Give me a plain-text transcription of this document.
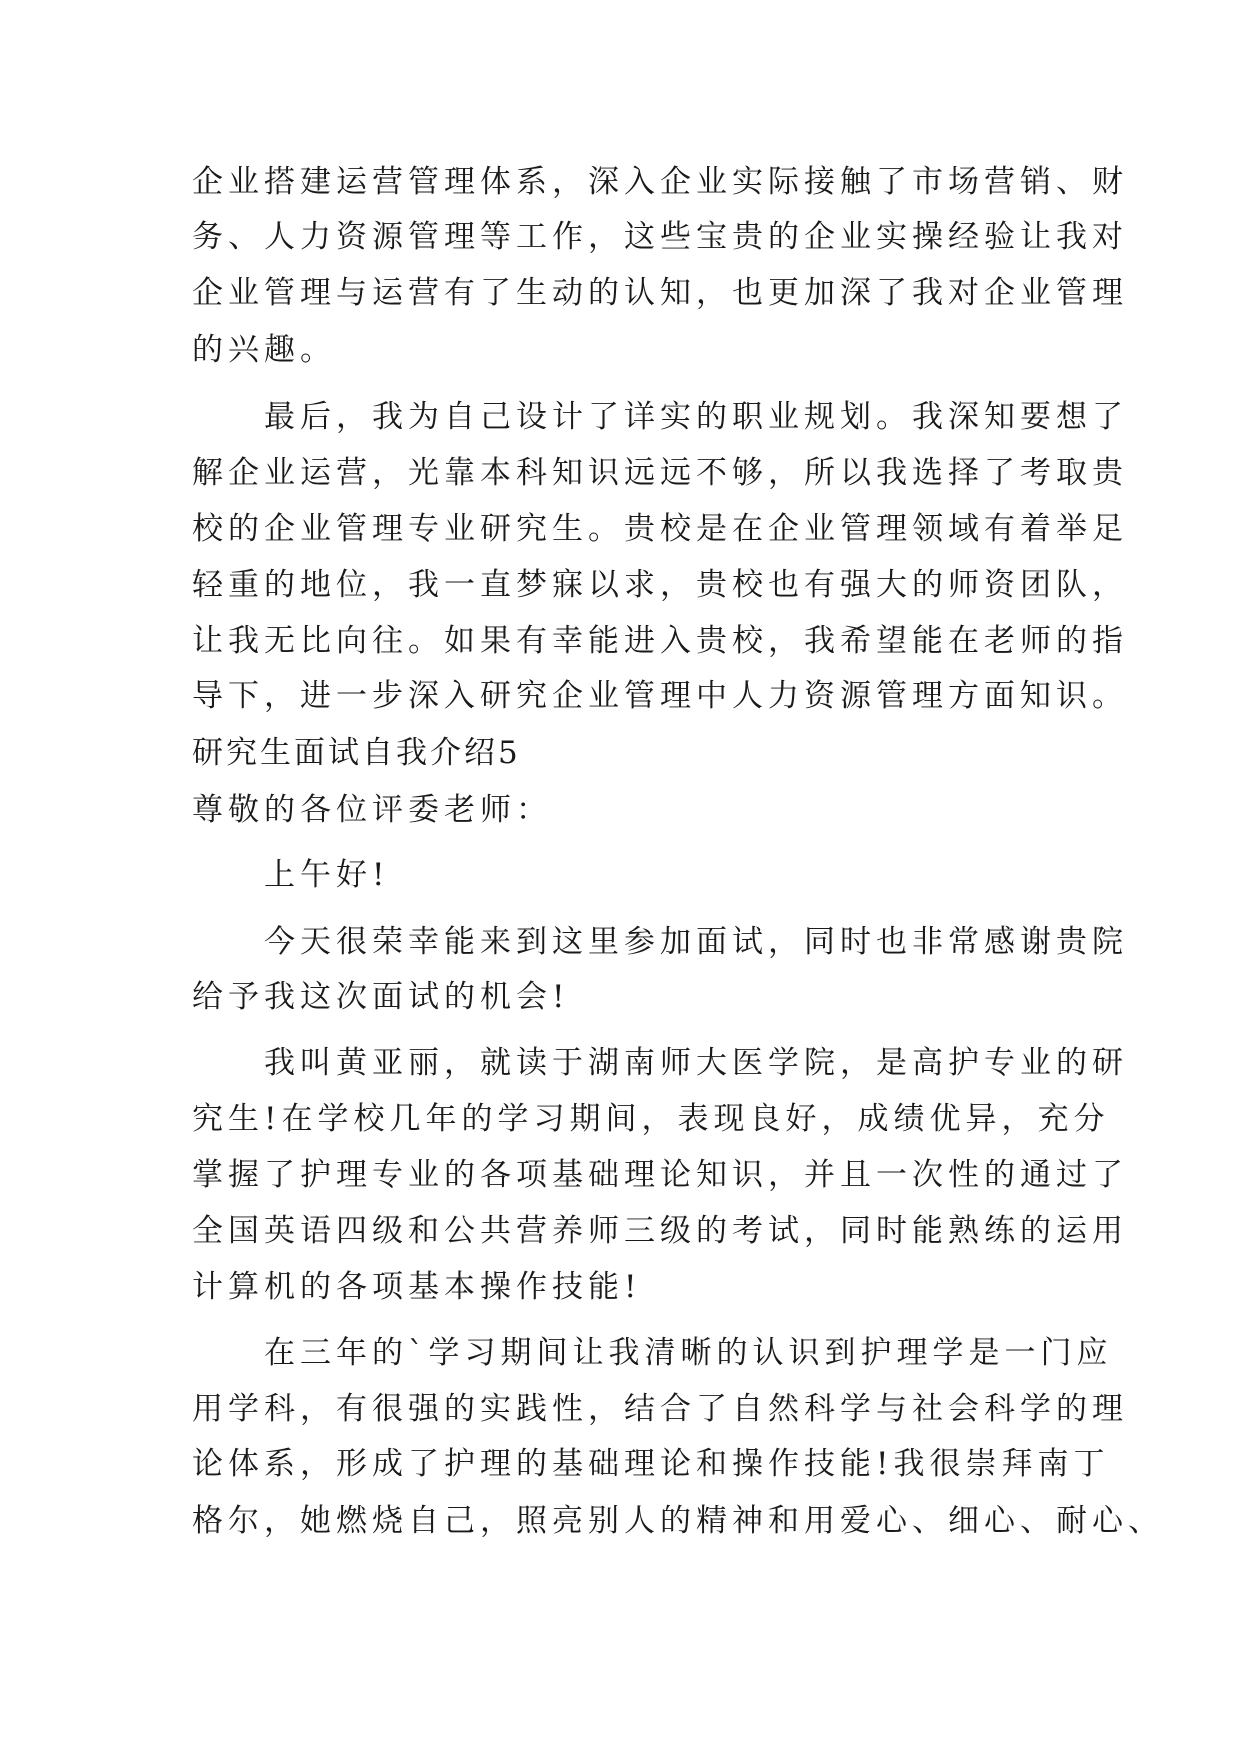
企业搭建运营管理体系，深入企业实际接触了市场营销、财
务、人力资源管理等工作，这些宝贵的企业实操经验让我对
企业管理与运营有了生动的认知，也更加深了我对企业管理
的兴趣。
　　最后，我为自己设计了详实的职业规划。我深知要想了
解企业运营，光靠本科知识远远不够，所以我选择了考取贵
校的企业管理专业研究生。贵校是在企业管理领域有着举足
轻重的地位，我一直梦寐以求，贵校也有强大的师资团队，
让我无比向往。如果有幸能进入贵校，我希望能在老师的指
导下，进一步深入研究企业管理中人力资源管理方面知识。
研究生面试自我介绍5
尊敬的各位评委老师：
　　上午好!
　　今天很荣幸能来到这里参加面试，同时也非常感谢贵院
给予我这次面试的机会!
　　我叫黄亚丽，就读于湖南师大医学院，是高护专业的研
究生!在学校几年的学习期间，表现良好，成绩优异，充分
掌握了护理专业的各项基础理论知识，并且一次性的通过了
全国英语四级和公共营养师三级的考试，同时能熟练的运用
计算机的各项基本操作技能!
　　在三年的`学习期间让我清晰的认识到护理学是一门应
用学科，有很强的实践性，结合了自然科学与社会科学的理
论体系，形成了护理的基础理论和操作技能!我很崇拜南丁
格尔，她燃烧自己，照亮别人的精神和用爱心、细心、耐心、
